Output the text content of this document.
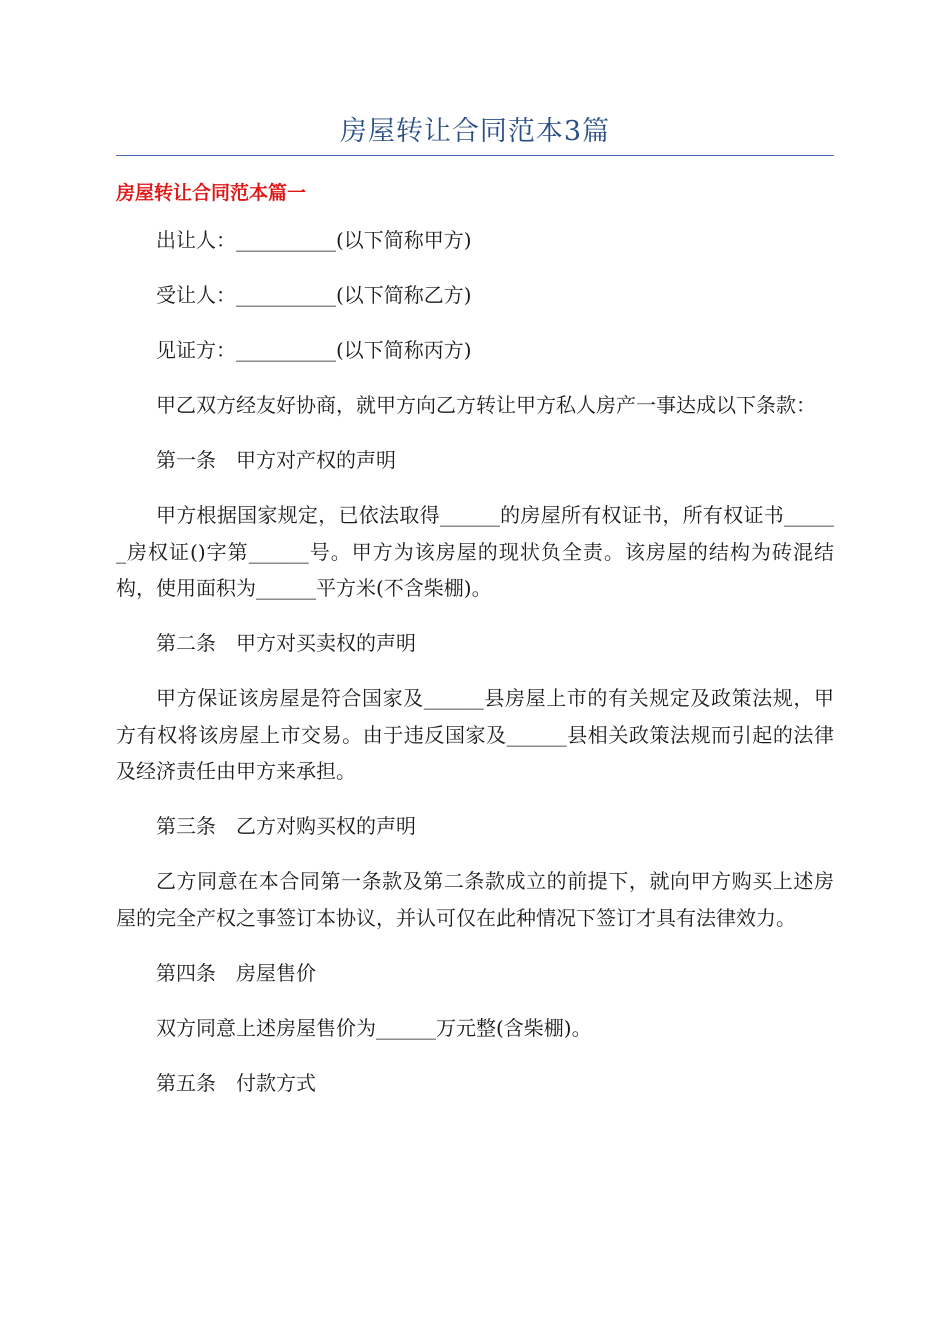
房屋转让合同范本3篇
房屋转让合同范本篇一

出让人：__________(以下简称甲方)

受让人：__________(以下简称乙方)

见证方：__________(以下简称丙方)

甲乙双方经友好协商，就甲方向乙方转让甲方私人房产一事达成以下条款：

第一条 甲方对产权的声明

甲方根据国家规定，已依法取得______的房屋所有权证书，所有权证书______房权证()字第______号。甲方为该房屋的现状负全责。该房屋的结构为砖混结构，使用面积为______平方米(不含柴棚)。

第二条 甲方对买卖权的声明

甲方保证该房屋是符合国家及______县房屋上市的有关规定及政策法规，甲方有权将该房屋上市交易。由于违反国家及______县相关政策法规而引起的法律及经济责任由甲方来承担。

第三条 乙方对购买权的声明

乙方同意在本合同第一条款及第二条款成立的前提下，就向甲方购买上述房屋的完全产权之事签订本协议，并认可仅在此种情况下签订才具有法律效力。

第四条 房屋售价

双方同意上述房屋售价为______万元整(含柴棚)。

第五条 付款方式
